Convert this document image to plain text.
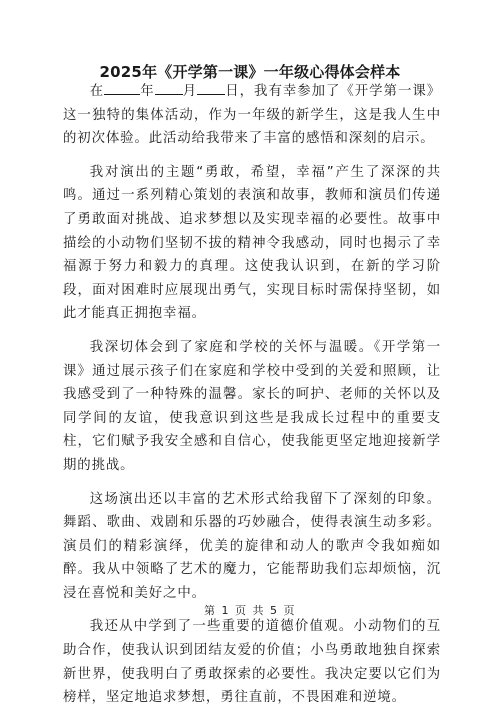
2025年《开学第一课》一年级心得体会样本

在	年 月 日，我有幸参加了《开学第一课》这一独特的集体活动，作为一年级的新学生，这是我人生中的初次体验。此活动给我带来了丰富的感悟和深刻的启示。

我对演出的主题“勇敢，希望，幸福”产生了深深的共鸣。通过一系列精心策划的表演和故事，教师和演员们传递了勇敢面对挑战、追求梦想以及实现幸福的必要性。故事中描绘的小动物们坚韧不拔的精神令我感动，同时也揭示了幸福源于努力和毅力的真理。这使我认识到，在新的学习阶段，面对困难时应展现出勇气，实现目标时需保持坚韧，如此才能真正拥抱幸福。

我深切体会到了家庭和学校的关怀与温暖。《开学第一课》通过展示孩子们在家庭和学校中受到的关爱和照顾，让我感受到了一种特殊的温馨。家长的呵护、老师的关怀以及同学间的友谊，使我意识到这些是我成长过程中的重要支柱，它们赋予我安全感和自信心，使我能更坚定地迎接新学期的挑战。

这场演出还以丰富的艺术形式给我留下了深刻的印象。舞蹈、歌曲、戏剧和乐器的巧妙融合，使得表演生动多彩。演员们的精彩演绎，优美的旋律和动人的歌声令我如痴如醉。我从中领略了艺术的魔力，它能帮助我们忘却烦恼，沉浸在喜悦和美好之中。

我还从中学到了一些重要的道德价值观。小动物们的互助合作，使我认识到团结友爱的价值；小鸟勇敢地独自探索新世界，使我明白了勇敢探索的必要性。我决定要以它们为榜样，坚定地追求梦想，勇往直前，不畏困难和逆境。

第 1 页 共 5 页
